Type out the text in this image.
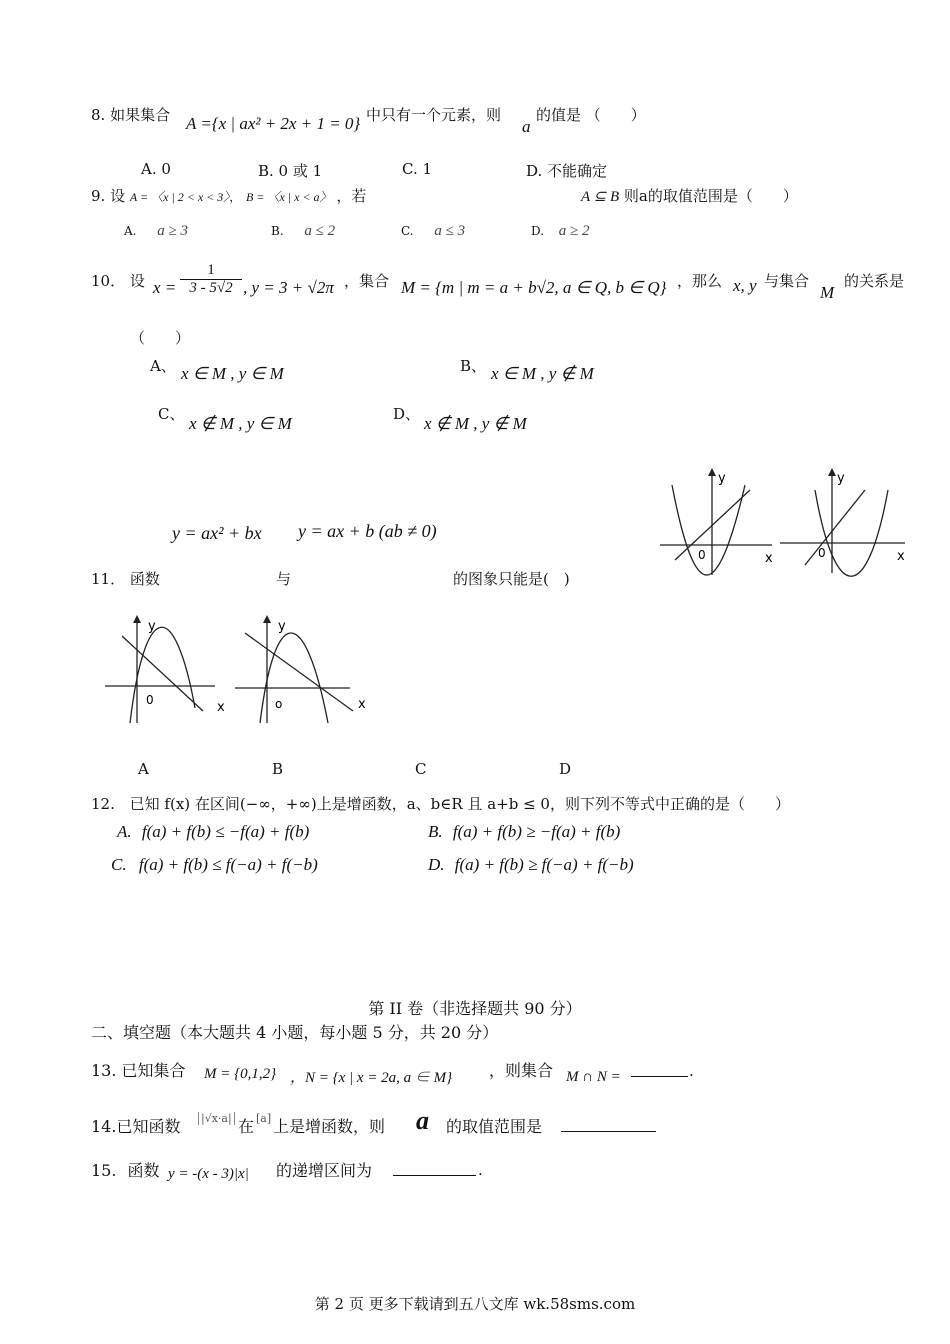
8. 如果集合 A ={x | ax² + 2x + 1 = 0} 中只有一个元素，则
a
的值是 （　　）
A. 0	B. 0 或 1	C. 1	D. 不能确定
9. 设 A = 〈x | 2 < x < 3〉， B = 〈x | x < a〉 ，若	A ⊆ B 则a的取值范围是（　　）
A. a ≥ 3	B. a ≤ 2	C. a ≤ 3	D. a ≥ 2
10． 设 $x = \frac{1}{3 - 5√2}$ , y = 3 + √2π ，集合 M = {m | m = a + b√2, a ∈ Q, b ∈ Q} ，那么 x, y 与集合
M
的关系是
（　　）
A、 x ∈ M , y ∈ M	B、 x ∈ M , y ∉ M
C、 x ∉ M , y ∈ M	D、 x ∉ M , y ∉ M
y
x
0
y
x
0
y = ax² + bx y = ax + b (ab ≠ 0)
11． 函数	与	的图象只能是(　)
y
x
0
y
x
o
A	B	C	D
12. 已知 f(x) 在区间(−∞，+∞)上是增函数，a、b∈R 且 a+b ≤ 0，则下列不等式中正确的是（　　）
A. f(a) + f(b) ≤ −f(a) + f(b)	B. f(a) + f(b) ≥ −f(a) + f(b)
C. f(a) + f(b) ≤ f(−a) + f(−b)	D. f(a) + f(b) ≥ f(−a) + f(−b)
第 II 卷（非选择题共 90 分）
二、填空题（本大题共 4 小题，每小题 5 分，共 20 分）
13. 已知集合 M = {0,1,2} ，N = {x | x = 2a, a ∈ M} ，则集合 M ∩ N =	.
14.已知函数 |√x·a| 在 [a] 上是增函数，则 a 的取值范围是
15. 函数 y = -(x - 3)|x| 的递增区间为	.
第 2 页 更多下载请到五八文库 wk.58sms.com
